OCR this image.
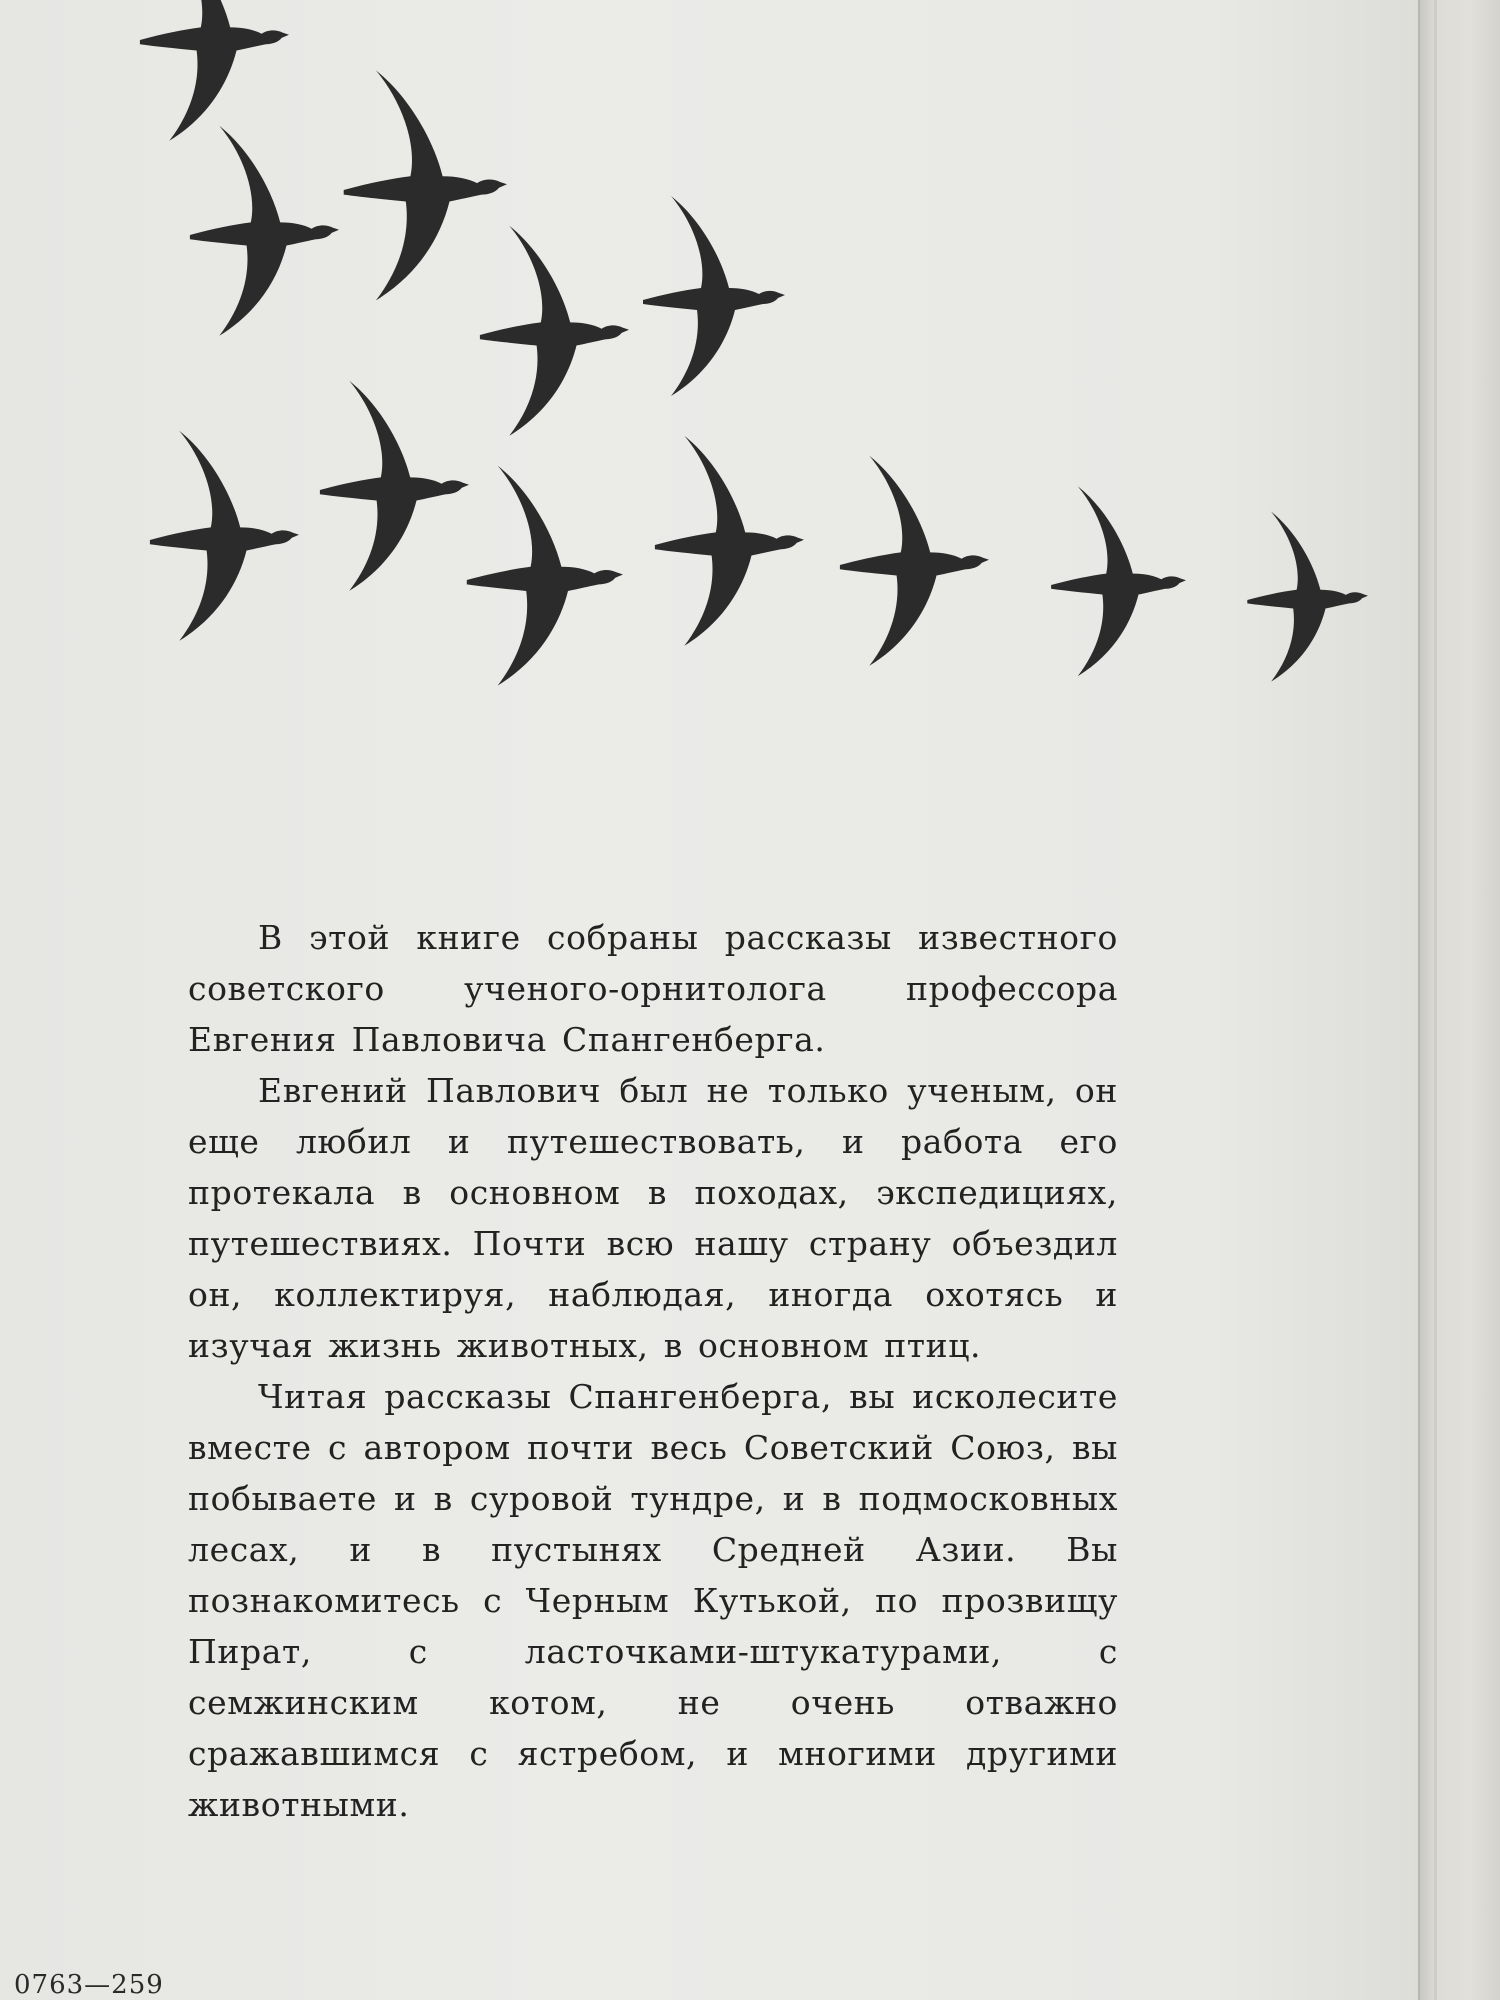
В этой книге собраны рассказы известного советского ученого-орнитолога профессора Евгения Павловича Спангенберга.

Евгений Павлович был не только ученым, он еще любил и путешествовать, и работа его протекала в основном в походах, экспедициях, путешествиях. Почти всю нашу страну объездил он, коллектируя, наблюдая, иногда охотясь и изучая жизнь животных, в основном птиц.

Читая рассказы Спангенберга, вы исколесите вместе с автором почти весь Советский Союз, вы побываете и в суровой тундре, и в подмосковных лесах, и в пустынях Средней Азии. Вы познакомитесь с Черным Кутькой, по прозвищу Пират, с ласточками-штукатурами, с семжинским котом, не очень отважно сражавшимся с ястребом, и многими другими животными.

0763—259
